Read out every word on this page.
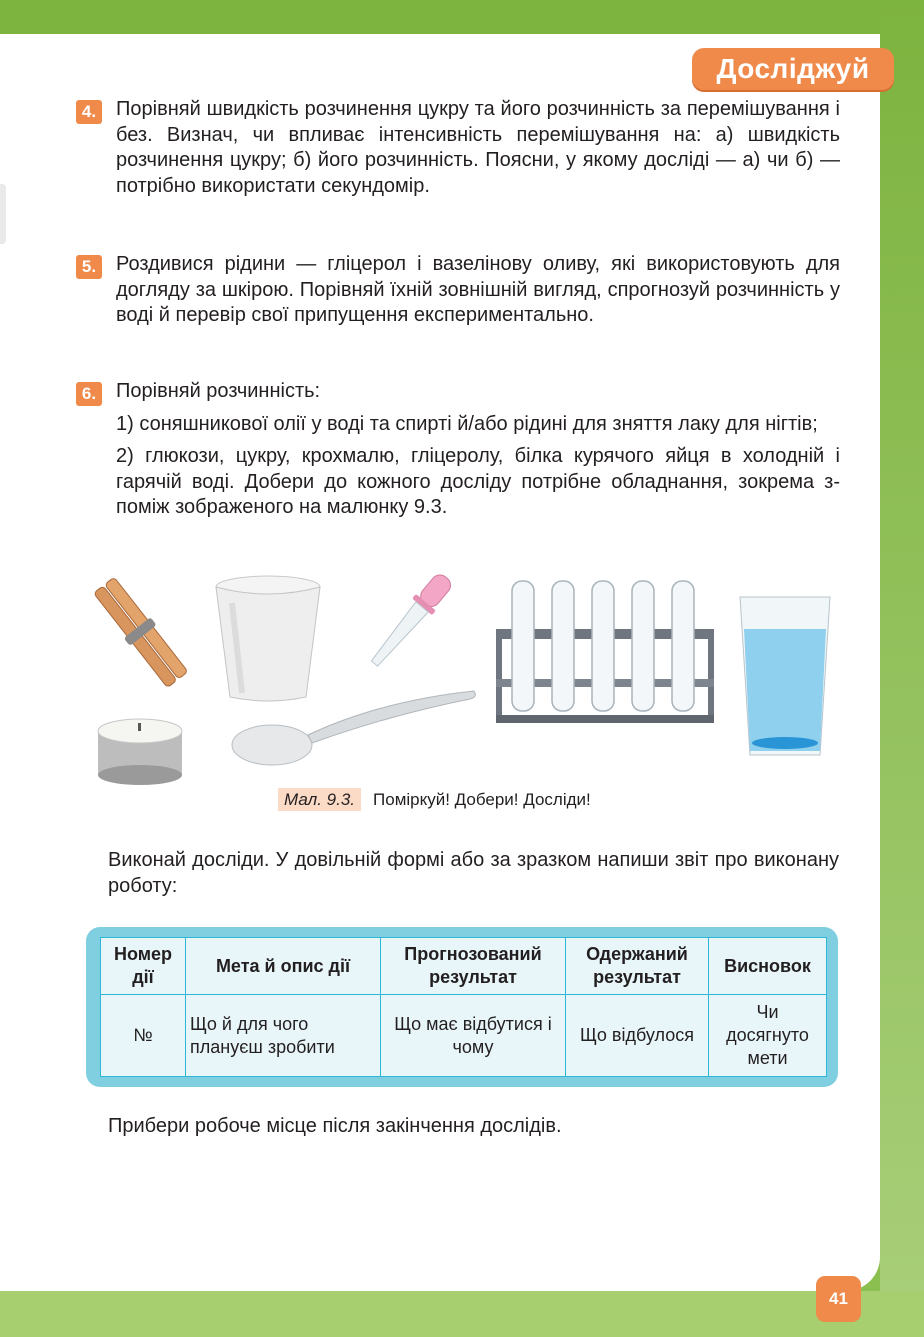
Досліджуй
4. Порівняй швидкість розчинення цукру та його розчинність за перемішування і без. Визнач, чи впливає інтенсивність перемішування на: а) швидкість розчинення цукру; б) його розчинність. Поясни, у якому досліді — а) чи б) — потрібно використати секундомір.

5. Роздивися рідини — гліцерол і вазелінову оливу, які використовують для догляду за шкірою. Порівняй їхній зовнішній вигляд, спрогнозуй розчинність у воді й перевір свої припущення експериментально.

6. Порівняй розчинність:

1) соняшникової олії у воді та спирті й/або рідині для зняття лаку для нігтів;

2) глюкози, цукру, крохмалю, гліцеролу, білка курячого яйця в холодній і гарячій воді. Добери до кожного досліду потрібне обладнання, зокрема з-поміж зображеного на малюнку 9.3.

Мал. 9.3. Поміркуй! Добери! Досліди!

Виконай досліди. У довільній формі або за зразком напиши звіт про виконану роботу:

Номер дії	Мета й опис дії	Прогнозований результат	Одержаний результат	Висновок
№	Що й для чого плануєш зробити	Що має відбутися і чому	Що відбулося	Чи досягнуто мети

Прибери робоче місце після закінчення дослідів.

41
